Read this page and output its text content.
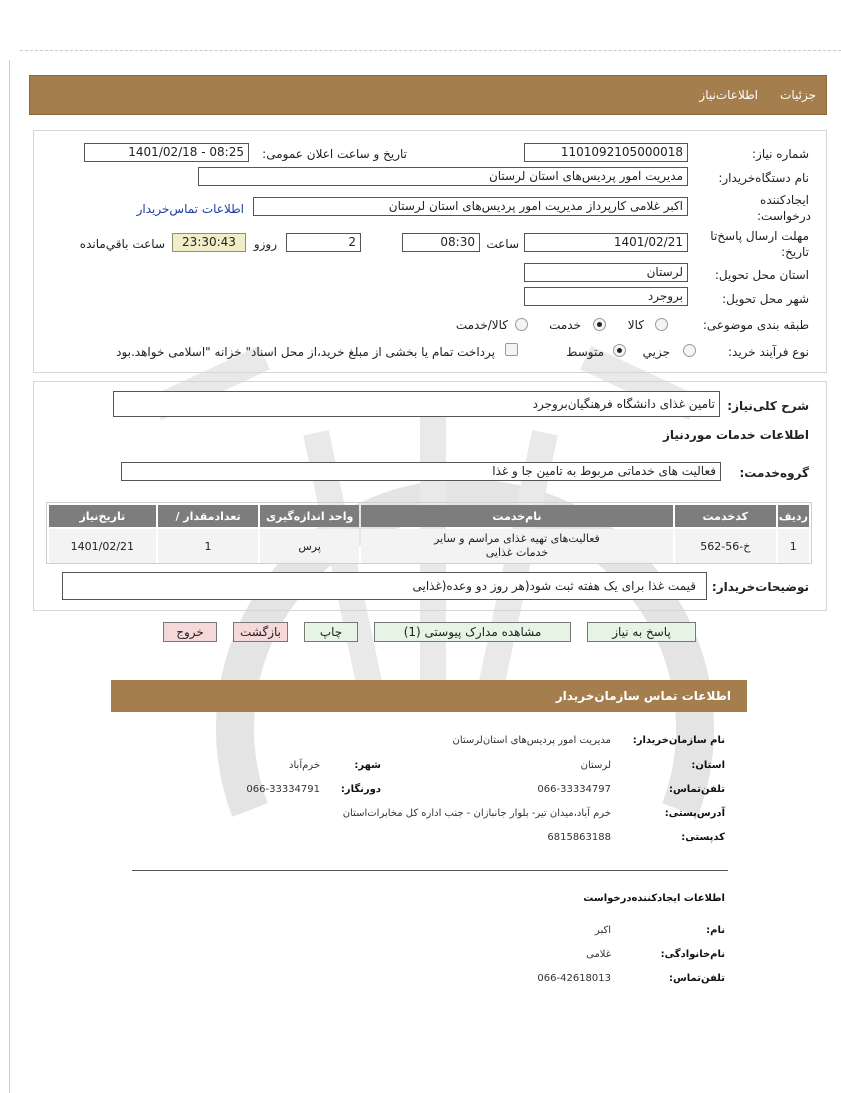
جزئیات
اطلاعات‌نیاز
شماره نیاز:
1101092105000018
تاریخ و ساعت اعلان عمومی:
1401/02/18 - 08:25
نام دستگاه‌خریدار:
مدیریت امور پردیس‌های استان لرستان
ایجادکننده
درخواست:
اکبر غلامی کارپرداز مدیریت امور پردیس‌های استان لرستان
اطلاعات تماس‌خریدار
مهلت ارسال پاسخ‌تا
تاریخ:
1401/02/21
ساعت
08:30
2
روزو
23:30:43
ساعت باقي‌مانده
استان محل تحویل:
لرستان
شهر محل تحویل:
بروجرد
طبقه بندی موضوعی:
کالا
خدمت
کالا/خدمت
نوع فرآیند خرید:
جزیي
متوسط
پرداخت تمام یا بخشی از مبلغ خرید،از محل اسناد" خزانه "اسلامی خواهد.بود
شرح کلی‌نیاز:
تامین غذای دانشگاه فرهنگیان‌بروجرد
اطلاعات خدمات موردنیاز
گروه‌خدمت:
فعالیت های خدماتی مربوط به تامین جا و غذا
ردیف	کدخدمت	نام‌خدمت	واحد اندازه‌گیری	تعدادمقدار /	تاریخ‌نیاز
1	خ-56-562	فعالیت‌های تهیه غذای مراسم و سایر خدمات غذایی	پرس	1	1401/02/21
توضیحات‌خریدار:
قیمت غذا برای یک هفته ثبت شود(هر روز دو وعده(غذایی
پاسخ به نیاز
مشاهده مدارک پیوستی (1)
چاپ
بازگشت
خروج
اطلاعات تماس سازمان‌خریدار
نام سازمان‌خریدار:
مدیریت امور پردیس‌های استان‌لرستان
استان:
لرستان
شهر:
خرم‌آباد
تلفن‌تماس:
066-33334797
دورنگار:
066-33334791
آدرس‌پستی:
خرم آباد،میدان تیر- بلوار جانبازان - جنب اداره کل مخابرات‌استان
کدپستی:
6815863188
اطلاعات ایجادکننده‌درخواست
نام:
اکبر
نام‌خانوادگی:
غلامی
تلفن‌تماس:
066-42618013
